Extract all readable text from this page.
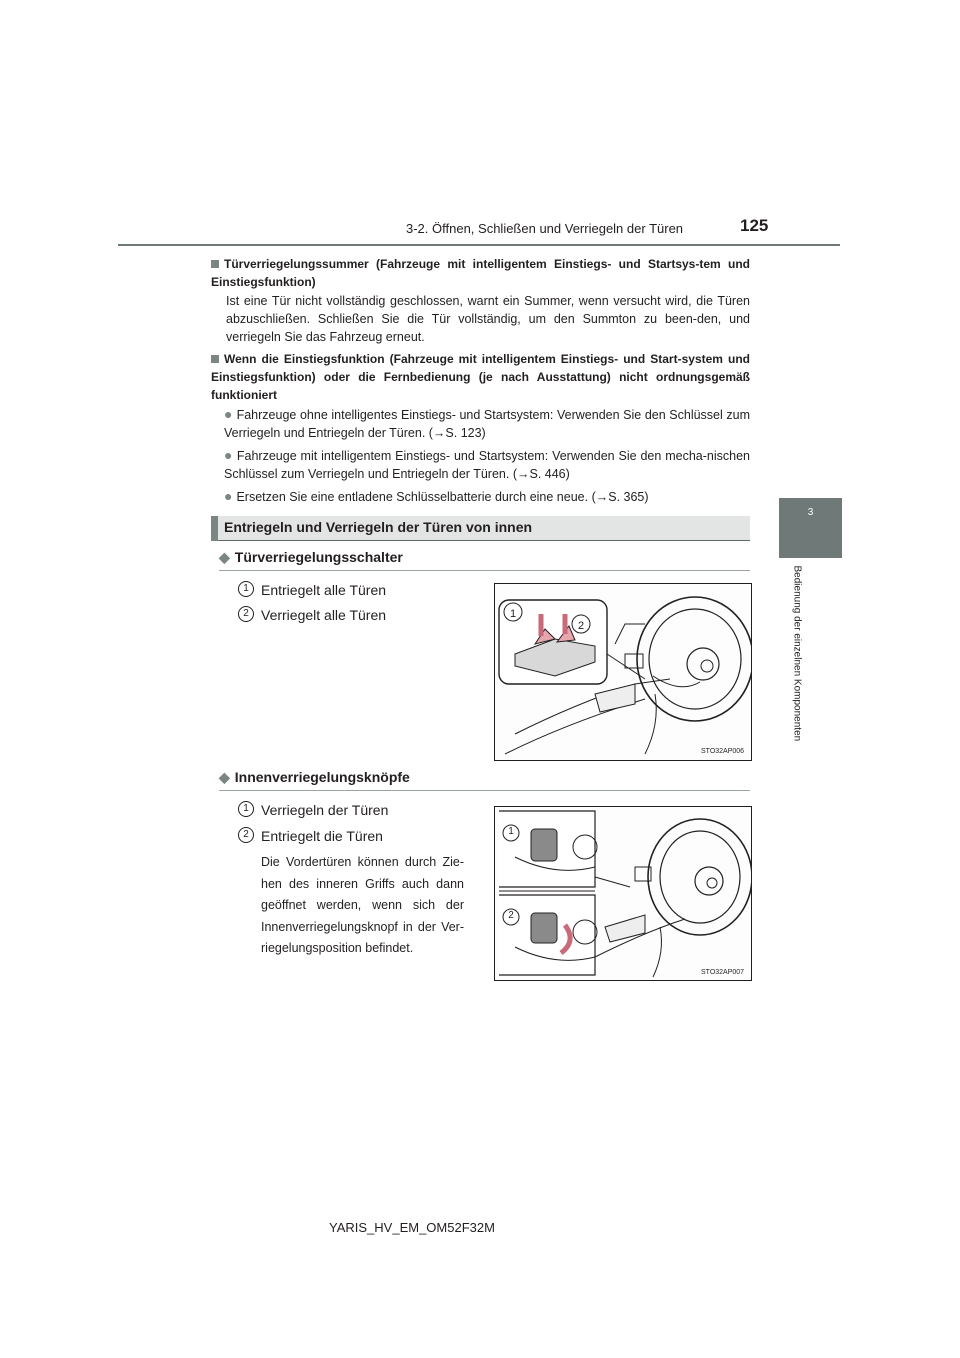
3-2. Öffnen, Schließen und Verriegeln der Türen	125
3
Bedienung der einzelnen Komponenten
Türverriegelungssummer (Fahrzeuge mit intelligentem Einstiegs- und Startsys-tem und Einstiegsfunktion)
Ist eine Tür nicht vollständig geschlossen, warnt ein Summer, wenn versucht wird, die Türen abzuschließen. Schließen Sie die Tür vollständig, um den Summton zu been-den, und verriegeln Sie das Fahrzeug erneut.
Wenn die Einstiegsfunktion (Fahrzeuge mit intelligentem Einstiegs- und Start-system und Einstiegsfunktion) oder die Fernbedienung (je nach Ausstattung) nicht ordnungsgemäß funktioniert
● Fahrzeuge ohne intelligentes Einstiegs- und Startsystem: Verwenden Sie den Schlüssel zum Verriegeln und Entriegeln der Türen. (→S. 123)
● Fahrzeuge mit intelligentem Einstiegs- und Startsystem: Verwenden Sie den mecha-nischen Schlüssel zum Verriegeln und Entriegeln der Türen. (→S. 446)
● Ersetzen Sie eine entladene Schlüsselbatterie durch eine neue. (→S. 365)
Entriegeln und Verriegeln der Türen von innen
◆ Türverriegelungsschalter
1 Entriegelt alle Türen
2 Verriegelt alle Türen	1
2
STO32AP006
◆ Innenverriegelungsknöpfe
1 Verriegeln der Türen
2 Entriegelt die Türen
Die Vordertüren können durch Zie-hen des inneren Griffs auch dann geöffnet werden, wenn sich der Innenverriegelungsknopf in der Ver-riegelungsposition befindet.
1
2
STO32AP007
YARIS_HV_EM_OM52F32M
